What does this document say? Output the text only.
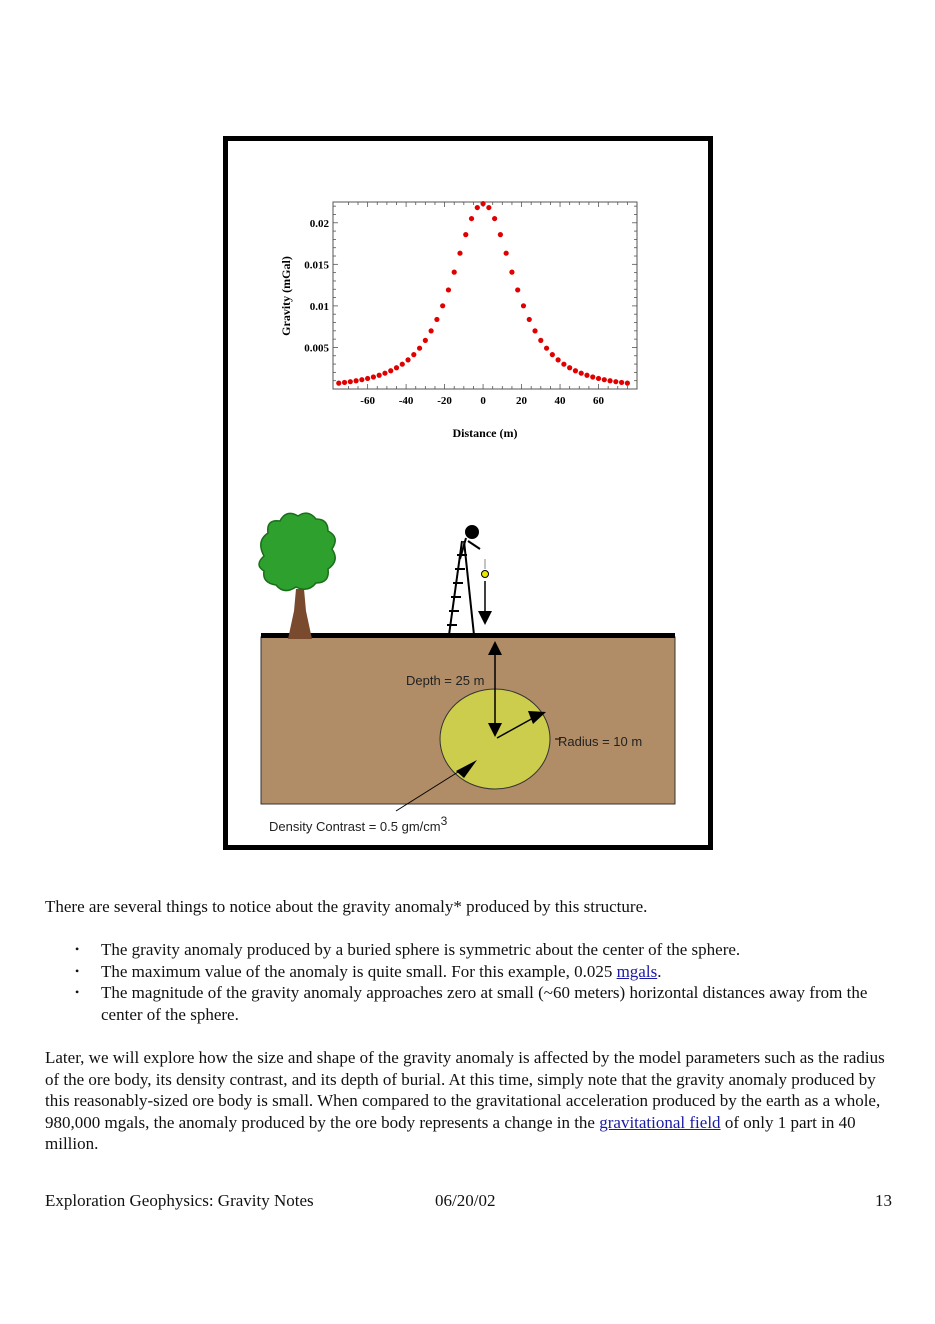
-60 -40 -20	0	20 40 60
0.005
0.01
0.015
0.02
Distance (m)
Gravity (mGal)
Depth = 25 m
Radius = 10 m
Density Contrast = 0.5 gm/cm3

There are several things to notice about the gravity anomaly* produced by this structure.

• The gravity anomaly produced by a buried sphere is symmetric about the center of the sphere.
• The maximum value of the anomaly is quite small. For this example, 0.025 mgals.
• The magnitude of the gravity anomaly approaches zero at small (~60 meters) horizontal distances away from the center of the sphere.

Later, we will explore how the size and shape of the gravity anomaly is affected by the model parameters such as the radius of the ore body, its density contrast, and its depth of burial. At this time, simply note that the gravity anomaly produced by this reasonably-sized ore body is small. When compared to the gravitational acceleration produced by the earth as a whole, 980,000 mgals, the anomaly produced by the ore body represents a change in the gravitational field of only 1 part in 40 million.

Exploration Geophysics: Gravity Notes	06/20/02	13
